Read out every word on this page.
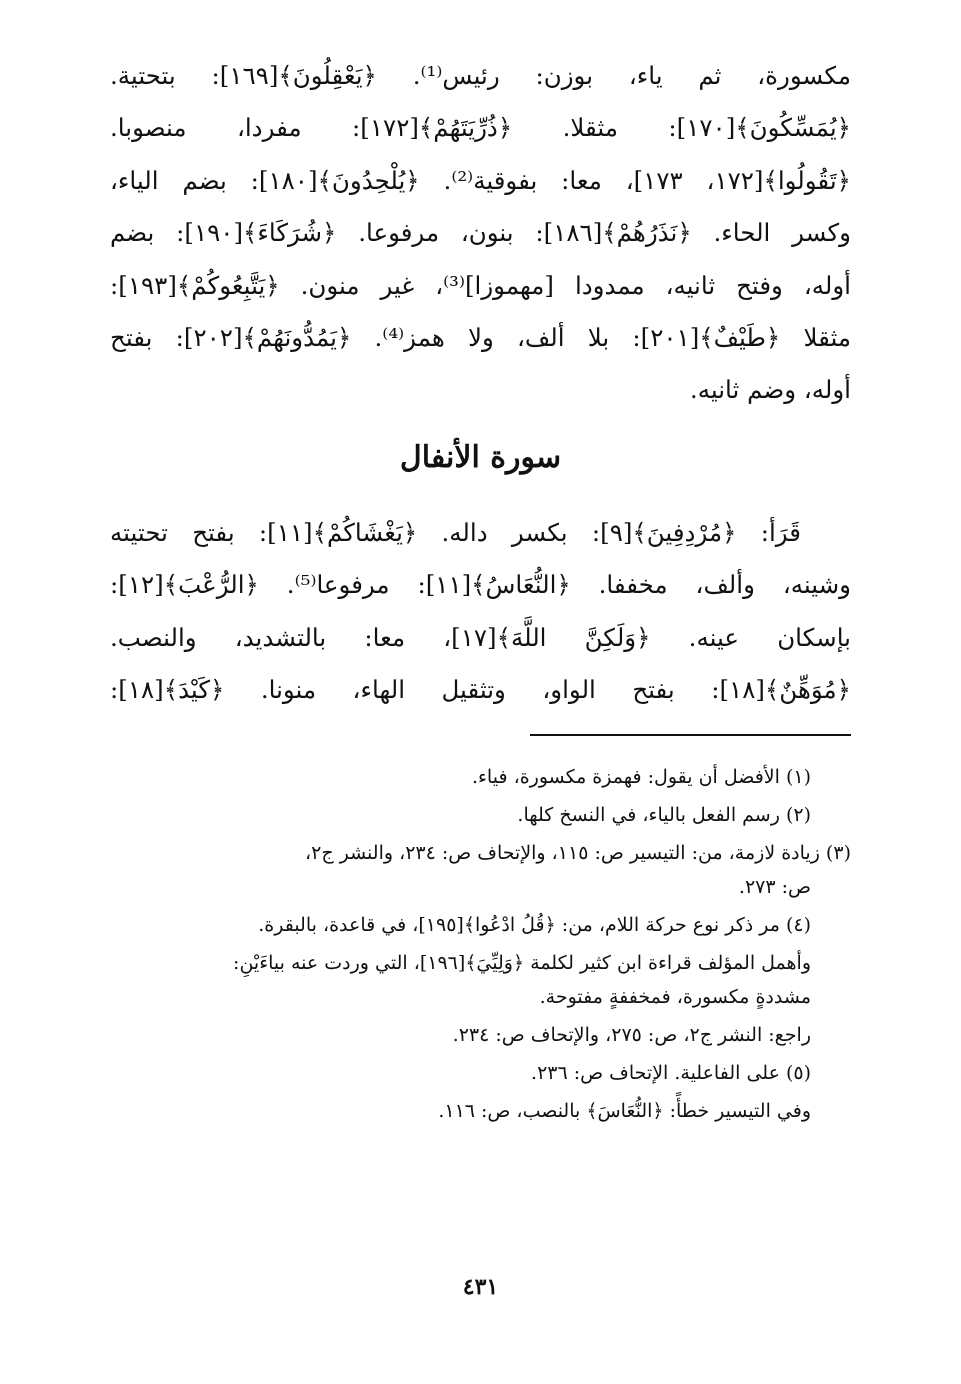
مكسورة، ثم ياء، بوزن: رئيس⁽¹⁾. ﴿يَعْقِلُونَ﴾[١٦٩]: بتحتية.
﴿يُمَسِّكُونَ﴾[١٧٠]: مثقلا. ﴿ذُرِّيَتَهُمْ﴾[١٧٢]: مفردا، منصوبا.
﴿تَقُولُوا﴾[١٧٢، ١٧٣]، معا: بفوقية⁽²⁾. ﴿يُلْحِدُونَ﴾[١٨٠]: بضم الياء،
وكسر الحاء. ﴿نَذَرُهُمْ﴾[١٨٦]: بنون، مرفوعا. ﴿شُرَكَاءَ﴾[١٩٠]: بضم
أوله، وفتح ثانيه، ممدودا [مهموزا]⁽³⁾، غير منون. ﴿يَتَّبِعُوكُمْ﴾[١٩٣]:
مثقلا ﴿طَيْفٌ﴾[٢٠١]: بلا ألف، ولا همز⁽⁴⁾. ﴿يَمُدُّونَهُمْ﴾[٢٠٢]: بفتح
أوله، وضم ثانيه.
سورة الأنفال
قَرَأ: ﴿مُرْدِفِينَ﴾[٩]: بكسر داله. ﴿يَغْشَاكُمْ﴾[١١]: بفتح تحتيته
وشينه، وألف، مخففا. ﴿النُّعَاسُ﴾[١١]: مرفوعا⁽⁵⁾. ﴿الرُّعْبَ﴾[١٢]:
بإسكان عينه. ﴿وَلَكِنَّ اللَّهَ﴾[١٧]، معا: بالتشديد، والنصب.
﴿مُوَهِّنٌ﴾[١٨]: بفتح الواو، وتثقيل الهاء، منونا. ﴿كَيْدَ﴾[١٨]:
(١) الأفضل أن يقول: فهمزة مكسورة، فياء.
(٢) رسم الفعل بالياء، في النسخ كلها.
(٣) زيادة لازمة، من: التيسير ص: ١١٥، والإتحاف ص: ٢٣٤، والنشر ج٢،
ص: ٢٧٣.
(٤) مر ذكر نوع حركة اللام، من: ﴿قُلُ ادْعُوا﴾[١٩٥]، في قاعدة، بالبقرة.
وأهمل المؤلف قراءة ابن كثير لكلمة ﴿وَلِيِّيَ﴾[١٩٦]، التي وردت عنه بياءَيْنِ:
مشددةٍ مكسورة، فمخففةٍ مفتوحة.
راجع: النشر ج٢، ص: ٢٧٥، والإتحاف ص: ٢٣٤.
(٥) على الفاعلية. الإتحاف ص: ٢٣٦.
وفي التيسير خطأً: ﴿النُّعَاسَ﴾ بالنصب، ص: ١١٦.
٤٣١
